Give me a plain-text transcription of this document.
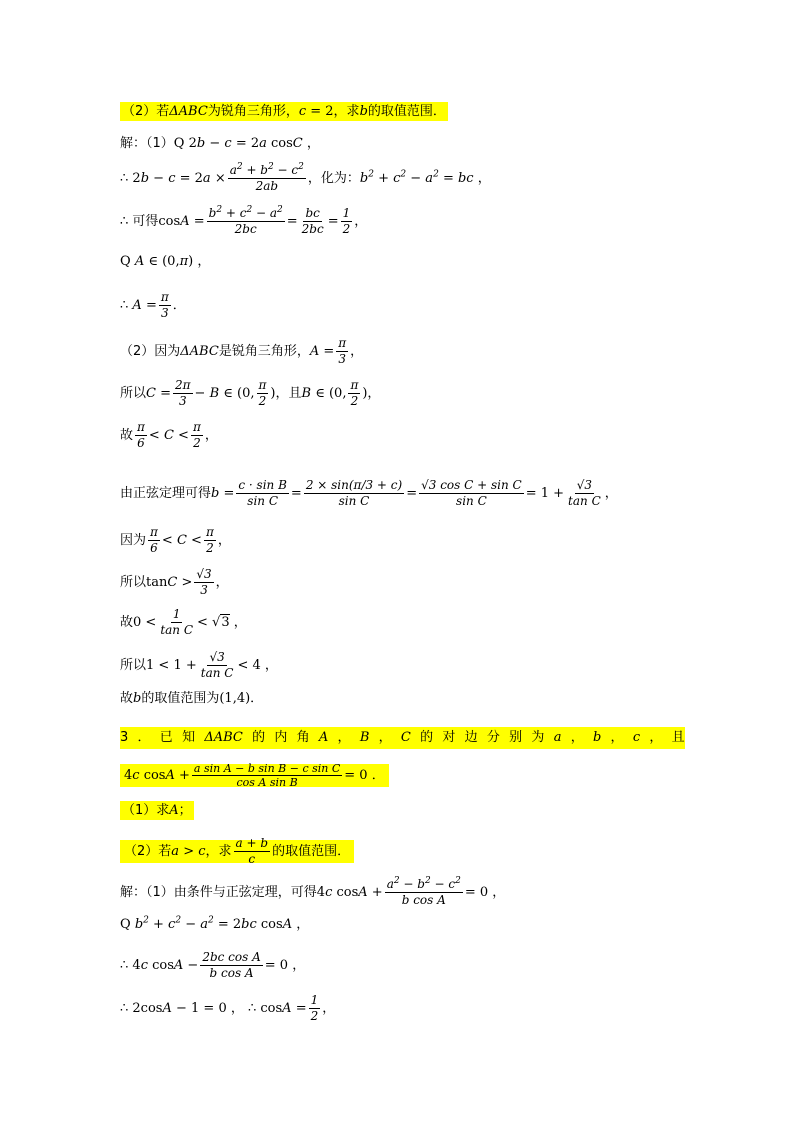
（2）若ΔABC为锐角三角形，c = 2，求b的取值范围．
解：（1）Q 2b − c = 2a cosC ，
∴ $2b - c = 2a \times \frac{a^2 + b^2 - c^2}{2ab}$ ，化为：$b^2 + c^2 - a^2$ = bc ，
∴ 可得$\cos A = \frac{b^2 + c^2 - a^2}{2bc} = \frac{bc}{2bc} = \frac{1}{2}$ ，
Q A ∈ (0,π) ，
∴ $A = \frac{\pi}{3}$ ．
（2）因为ΔABC是锐角三角形，$A = \frac{\pi}{3}$ ，
所以$C = \frac{2\pi}{3} - B$ ∈ (0, $\frac{\pi}{2}$ )，且B ∈ (0, $\frac{\pi}{2}$ )，
故 $\frac{\pi}{6} < C < \frac{\pi}{2}$ ，
由正弦定理可得$b = \frac{\text{c · sin B}}{\text{sin C}} = \frac{2 \times \sin(\pi/3 + c)}{\text{sin C}} = \frac{\text{√3 cos C + sin C}}{\text{sin C}} = 1 + \frac{√3}{\text{tan C}}$ ，
因为 $\frac{\pi}{6} < C < \frac{\pi}{2}$ ，
所以$\tan C > \frac{√3}{3}$ ，
故$0 < \frac{1}{\text{tan C}} < √3$ ，
所以$1 < 1 + \frac{√3}{\text{tan C}} < 4$ ，
故b的取值范围为(1,4)．
3 ． 已 知 ΔABC 的 内 角 A ， B ， C 的 对 边 分 别 为 a ， b ， c ， 且
4c $\cos A + \frac{\text{a sin A − b sin B − c sin C}}{\text{cos A sin B}} = 0$ ．
（1）求A；
（2）若a > c，求 $\frac{a + b}{c}$ 的取值范围．
解：（1）由条件与正弦定理，可得4c $\cos A + \frac{a^2 - b^2 - c^2}{\text{b cos A}} = 0$ ，
Q $b^2 + c^2 - a^2 = 2bc$ cosA ，
∴ 4c $\cos A - \frac{\text{2bc cos A}}{\text{b cos A}} = 0$ ，
∴ 2cosA − 1 = 0 ， ∴ $\cos A = \frac{1}{2}$ ，
